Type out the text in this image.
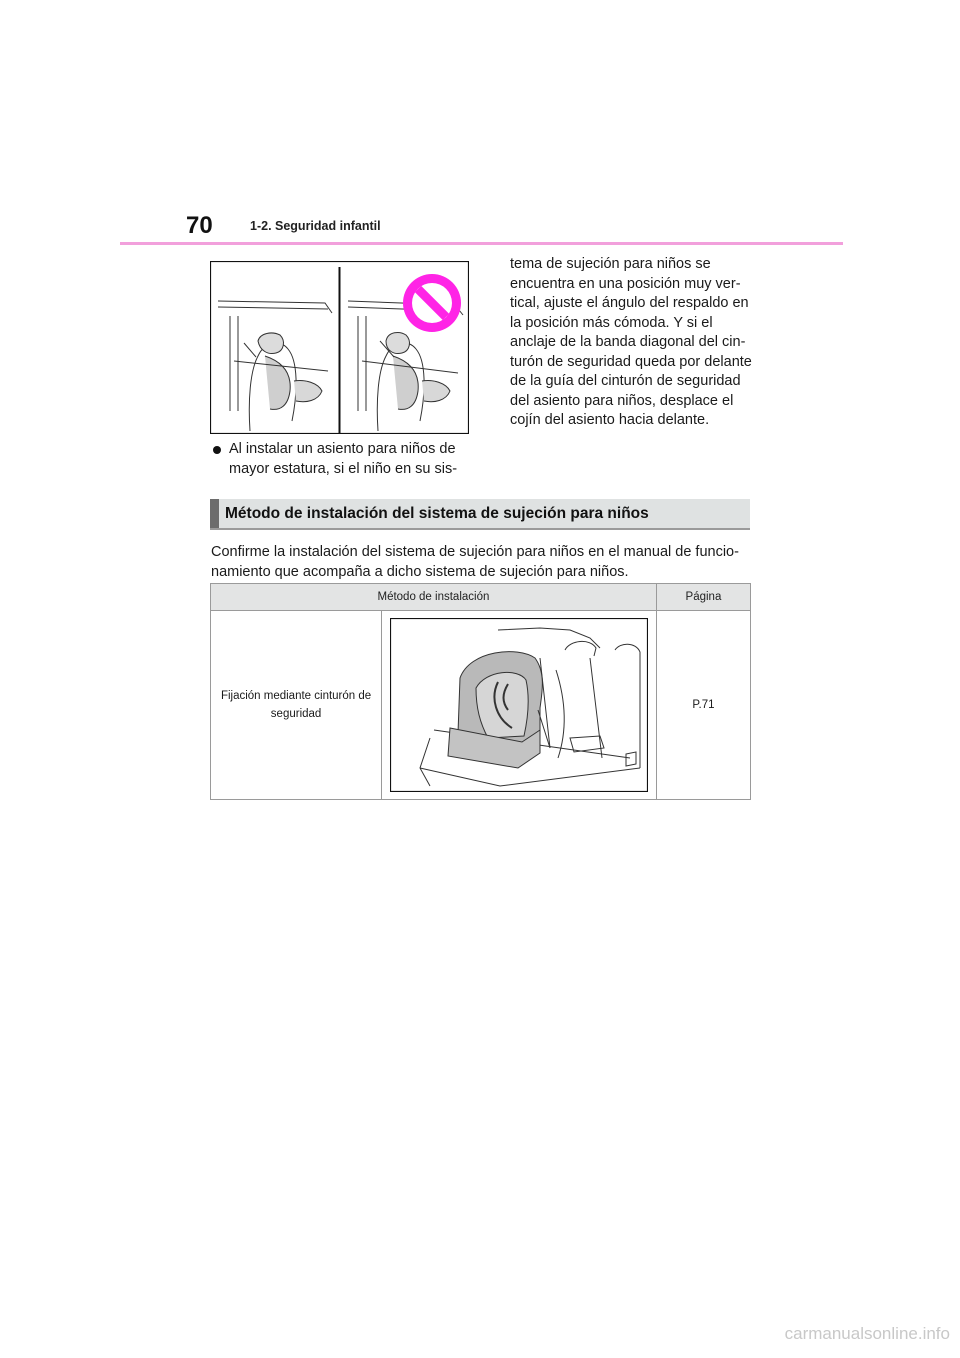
70	1-2. Seguridad infantil
Al instalar un asiento para niños de mayor estatura, si el niño en su sis-
tema de sujeción para niños se encuentra en una posición muy ver-tical, ajuste el ángulo del respaldo en la posición más cómoda. Y si el anclaje de la banda diagonal del cin-turón de seguridad queda por delante de la guía del cinturón de seguridad del asiento para niños, desplace el cojín del asiento hacia delante.
Método de instalación del sistema de sujeción para niños
Confirme la instalación del sistema de sujeción para niños en el manual de funcio-namiento que acompaña a dicho sistema de sujeción para niños.
Método de instalación		Página
Fijación mediante cinturón de seguridad		P.71
carmanualsonline.info
